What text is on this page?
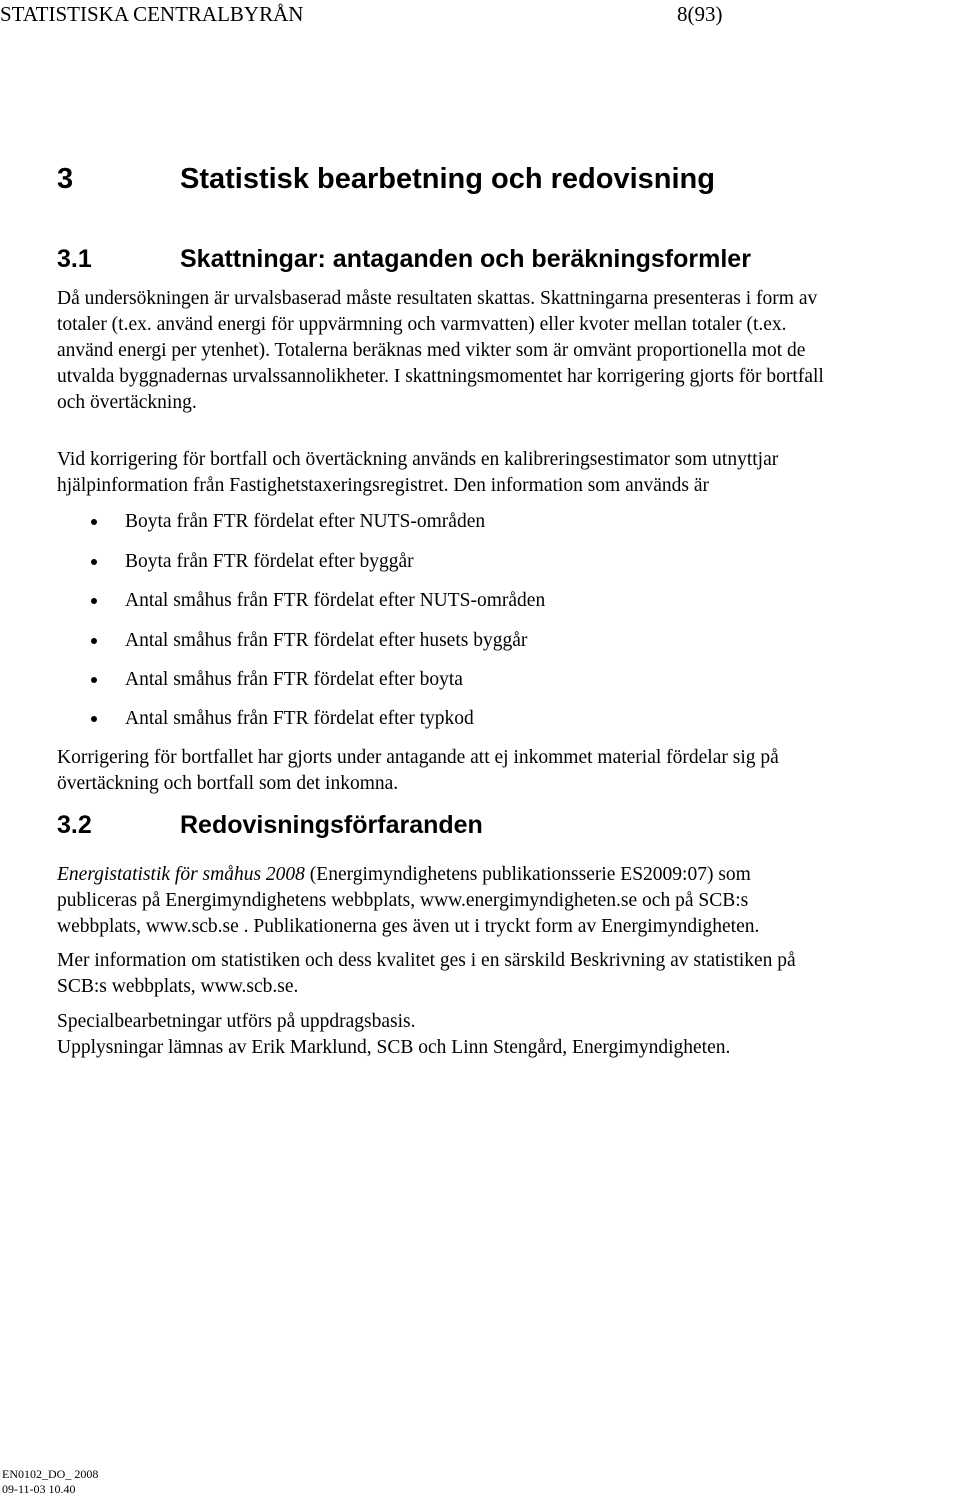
STATISTISKA CENTRALBYRÅN	8(93)
3	Statistisk bearbetning och redovisning
3.1	Skattningar: antaganden och beräkningsformler
Då undersökningen är urvalsbaserad måste resultaten skattas. Skattningarna presenteras i form av
totaler (t.ex. använd energi för uppvärmning och varmvatten) eller kvoter mellan totaler (t.ex.
använd energi per ytenhet). Totalerna beräknas med vikter som är omvänt proportionella mot de
utvalda byggnadernas urvalssannolikheter. I skattningsmomentet har korrigering gjorts för bortfall
och övertäckning.
Vid korrigering för bortfall och övertäckning används en kalibreringsestimator som utnyttjar
hjälpinformation från Fastighetstaxeringsregistret. Den information som används är
Boyta från FTR fördelat efter NUTS-områden
Boyta från FTR fördelat efter byggår
Antal småhus från FTR fördelat efter NUTS-områden
Antal småhus från FTR fördelat efter husets byggår
Antal småhus från FTR fördelat efter boyta
Antal småhus från FTR fördelat efter typkod
Korrigering för bortfallet har gjorts under antagande att ej inkommet material fördelar sig på
övertäckning och bortfall som det inkomna.
3.2	Redovisningsförfaranden
Energistatistik för småhus 2008 (Energimyndighetens publikationsserie ES2009:07) som
publiceras på Energimyndighetens webbplats, www.energimyndigheten.se och på SCB:s
webbplats, www.scb.se . Publikationerna ges även ut i tryckt form av Energimyndigheten.
Mer information om statistiken och dess kvalitet ges i en särskild Beskrivning av statistiken på
SCB:s webbplats, www.scb.se.
Specialbearbetningar utförs på uppdragsbasis.
Upplysningar lämnas av Erik Marklund, SCB och Linn Stengård, Energimyndigheten.
EN0102_DO_ 2008
09-11-03 10.40
